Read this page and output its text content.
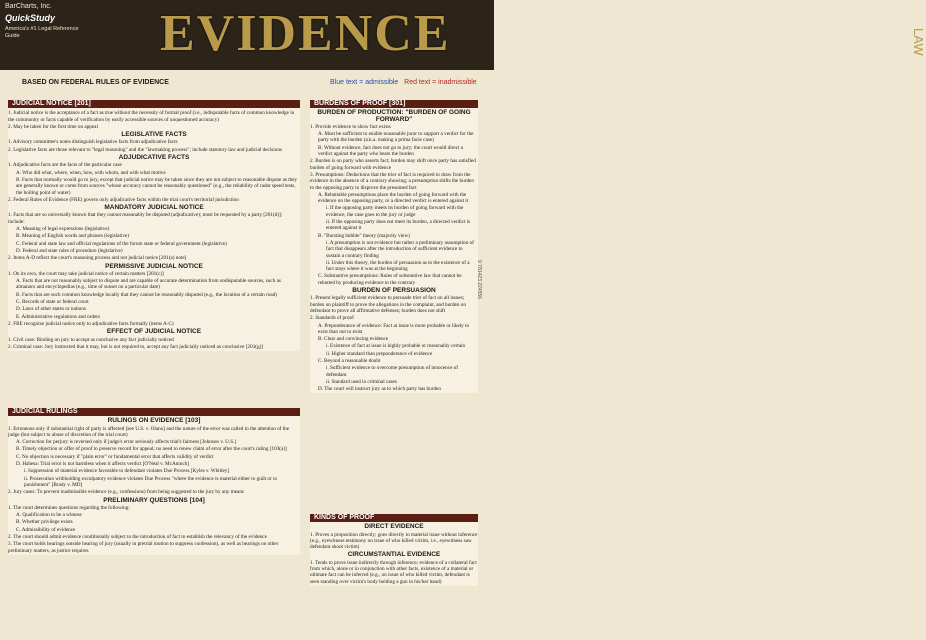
BarCharts, Inc.
QuickStudy
America's #1 Legal Reference Guide	EVIDENCE	LAW
BASED ON FEDERAL RULES OF EVIDENCE	Blue text = admissible Red text = inadmissible
JUDICIAL NOTICE [201]

1. Judicial notice is the acceptance of a fact as true without the necessity of formal proof (i.e., indisputable facts of common knowledge in the community or facts capable of verification by easily accessible sources of unquestioned accuracy)

2. May be taken for the first time on appeal

LEGISLATIVE FACTS

1. Advisory committee's notes distinguish legislative facts from adjudicative facts

2. Legislative facts are those relevant to "legal reasoning" and the "lawmaking process"; include statutory law and judicial decisions

ADJUDICATIVE FACTS

1. Adjudicative facts are the facts of the particular case

A. Who did what, where, when, how, with whom, and with what motive

B. Facts that normally would go to jury, except that judicial notice may be taken since they are not subject to reasonable dispute as they are generally known or come from sources "whose accuracy cannot be reasonably questioned" (e.g., the reliability of radar speed tests, the boiling point of water)

2. Federal Rules of Evidence (FRE) govern only adjudicative facts within the trial court's territorial jurisdiction

MANDATORY JUDICIAL NOTICE

1. Facts that are so universally known that they cannot reasonably be disputed (adjudicative); must be requested by a party [201(d)]; include:

A. Meaning of legal expressions (legislative)

B. Meaning of English words and phrases (legislative)

C. Federal and state law and official regulations of the forum state or federal government (legislative)

D. Federal and state rules of procedure (legislative)

2. Items A-D reflect the court's reasoning process and not judicial notice [201(a) note]

PERMISSIVE JUDICIAL NOTICE

1. On its own, the court may take judicial notice of certain matters [201(c)]

A. Facts that are not reasonably subject to dispute and are capable of accurate determination from undisputable sources, such as almanacs and encyclopedias (e.g., time of sunset on a particular date)

B. Facts that are such common knowledge locally that they cannot be reasonably disputed (e.g., the location of a certain road)

C. Records of state or federal court

D. Laws of other states or nations

E. Administrative regulations and orders

2. FRE recognize judicial notice only to adjudicative facts formally (items A-C)

EFFECT OF JUDICIAL NOTICE

1. Civil case: Binding on jury to accept as conclusive any fact judicially noticed

2. Criminal case: Jury instructed that it may, but is not required to, accept any fact judicially noticed as conclusive [201(g)]

JUDICIAL RULINGS
RULINGS ON EVIDENCE [103]

1. Erroneous only if substantial right of party is affected [see U.S. v. Olano] and the nature of the error was called to the attention of the judge (but subject to abuse of discretion of the trial court)

A. Correction for perjury is reversed only if judge's error seriously affects trial's fairness [Johnson v. U.S.]

B. Timely objection or offer of proof to preserve record for appeal; no need to renew claim of error after the court's ruling [103(a)]

C. No objection is necessary if "plain error" or fundamental error that affects validity of verdict

D. Hahesa: Trial error is not harmless when it affects verdict [O'Neal v. McAninch]

i. Suppression of material evidence favorable to defendant violates Due Process [Kyles v. Whitley]

ii. Prosecution withholding exculpatory evidence violates Due Process "where the evidence is material either to guilt or to punishment" [Brady v. MD]

2. Jury cases: To prevent inadmissible evidence (e.g., confessions) from being suggested to the jury by any means

PRELIMINARY QUESTIONS [104]

1. The court determines questions regarding the following:

A. Qualification to be a witness

B. Whether privilege exists

C. Admissibility of evidence

2. The court should admit evidence conditionally subject to the introduction of fact to establish the relevancy of the evidence

3. The court holds hearings outside hearing of jury (usually in pretrial motion to suppress confession), as well as hearings on other preliminary matters, as justice requires

BURDENS OF PROOF [301]
BURDEN OF PRODUCTION: "BURDEN OF GOING FORWARD"

1. Provide evidence to show fact exists

A. Must be sufficient to enable reasonable juror to support a verdict for the party with the burden (a.k.a. making a prima facie case)

B. Without evidence, fact does not go to jury; the court would direct a verdict against the party who bears the burden

2. Burden is on party who asserts fact; burden may shift once party has satisfied burden of going forward with evidence

3. Presumptions: Deductions that the trier of fact is required to draw from the evidence in the absence of a contrary showing; a presumption shifts the burden to the opposing party to disprove the presumed fact

A. Rebuttable presumptions place the burden of going forward with the evidence on the opposing party, or a directed verdict is entered against it

i. If the opposing party meets its burden of going forward with the evidence, the case goes to the jury or judge

ii. If the opposing party does not meet its burden, a directed verdict is entered against it

B. "Bursting bubble" theory (majority view)

i. A presumption is not evidence but rather a preliminary assumption of fact that disappears after the introduction of sufficient evidence to sustain a contrary finding

ii. Under this theory, the burden of persuasion as to the existence of a fact stays where it was at the beginning

C. Substantive presumptions: Rules of substantive law that cannot be rebutted by producing evidence to the contrary

BURDEN OF PERSUASION

1. Present legally sufficient evidence to persuade trier of fact on all issues; burden on plaintiff to prove the allegations in the complaint, and burden on defendant to prove all affirmative defenses; burden does not shift

2. Standards of proof

A. Preponderance of evidence: Fact at issue is more probable or likely to exist than not to exist

B. Clear and convincing evidence

i. Existence of fact at issue is highly probable or reasonably certain

ii. Higher standard than preponderance of evidence

C. Beyond a reasonable doubt

i. Sufficient evidence to overcome presumption of innocence of defendant

ii. Standard used in criminal cases

D. The court will instruct jury as to which party has burden

KINDS OF PROOF
DIRECT EVIDENCE

1. Proves a proposition directly; goes directly to material issue without inference (e.g., eyewitness testimony on issue of who killed victim, i.e., eyewitness saw defendant shoot victim)

CIRCUMSTANTIAL EVIDENCE

1. Tends to prove issue indirectly through inference; evidence of a collateral fact from which, alone or in conjunction with other facts, existence of a material or ultimate fact can be inferred (e.g., on issue of who killed victim, defendant is seen standing over victim's body holding a gun in his/her hand)

9 781423 224556
